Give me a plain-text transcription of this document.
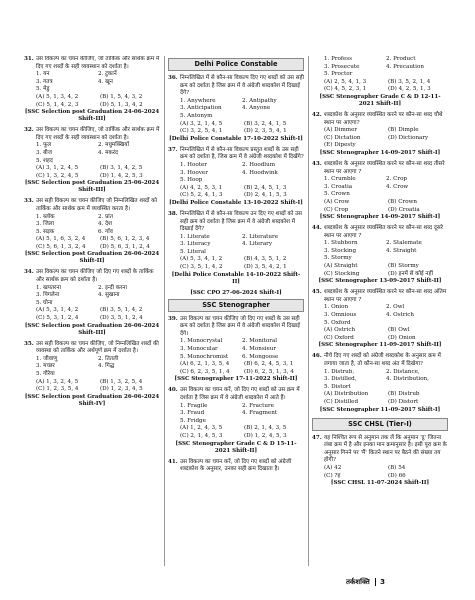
31. उस विकल्प का चयन कीजिए, जो तार्किक और सार्थक क्रम में दिए गए शब्दों के सही व्यवस्थान को दर्शाता है।
1. यन	2. टुकानें
3. गतत्र	4. खून
5. मेडु
(A) 5, 1, 3, 4, 2	(B) 1, 5, 4, 3, 2
(C) 5, 1, 4, 2, 3	(D) 5, 1, 3, 4, 2
[SSC Selection post Graduation 24-06-2024 Shift-III]
32. उस विकल्प का चयन कीजिए, जो तार्किक और सार्थक क्रम में दिए गए शब्दों के सही व्यवस्थान को दर्शाता है।
1. फूल	2. मधुमक्खियाँ
3. बीज	4. मकरंद
5. शहद
(A) 3, 1, 2, 4, 5	(B) 3, 1, 4, 2, 5
(C) 1, 3, 2, 4, 5	(D) 1, 4, 2, 5, 3
[SSC Selection post Graduation 25-06-2024 Shift-III]
33. उस सही विकल्प का चयन कीजिए जो निम्नलिखित शब्दों को तार्किक और सार्थक क्रम में व्यवस्थित करता है।
1. ब्लॉक	2. प्रांत
3. जिला	4. देश
5. सड़क	6. गाँव
(A) 5, 1, 6, 3, 2, 4	(B) 5, 6, 1, 2, 3, 4
(C) 5, 6, 1, 3, 2, 4	(D) 5, 6, 3, 1, 2, 4
[SSC Selection post Graduation 26-06-2024 Shift-II]
34. उस विकल्प का चयन कीजिए जो दिए गए शब्दों के तार्किक और सार्थक क्रम को दर्शाता है।
1. खपतरना	2. इन्दी करना
3. पिगलेना	4. सुखाना
5. घोना
(A) 5, 3, 1, 4, 2	(B) 3, 5, 1, 4, 2
(C) 5, 3, 1, 2, 4	(D) 3, 5, 1, 2, 4
[SSC Selection post Graduation 26-06-2024 Shift-III]
35. उस सही विकल्प का चयन कीजिए, जो निम्नलिखित शब्दों की व्यवस्था को तार्किक और अर्थपूर्ण क्रम में दर्शाता है।
1. जीवाणु	2. तितली
3. मच्छर	4. गिद्ध
5. गौरेया
(A) 1, 3, 2, 4, 5	(B) 1, 3, 2, 5, 4
(C) 1, 2, 3, 5, 4	(D) 1, 2, 3, 4, 5
[SSC Selection post Graduation 26-06-2024 Shift-IV]
Delhi Police Constable
36. निम्नलिखित में से कौन-सा विकल्प दिए गए शब्दों को उस सही क्रम को दर्शाता है जिस क्रम में वे अंग्रेजी शब्दकोश में दिखाई देंगे?
1. Anywhere	2. Antipathy
3. Anticipation	4. Anyone
5. Antonym
(A) 3, 2, 1, 4, 5	(B) 3, 2, 4, 1, 5
(C) 3, 2, 5, 4, 1	(D) 2, 3, 5, 4, 1
[Delhi Police Constable 17-10-2022 Shift-I]
37. निम्नलिखित में से कौन-सा विकल्प प्रस्तुत शब्दों के उस सही क्रम को दर्शाता है, जिस क्रम में वे अंग्रेजी शब्दकोश में दिखेंगे?
1. Hooter	2. Hoodlum
3. Hoover	4. Hoodwink
5. Hoop
(A) 4, 2, 5, 3, 1	(B) 2, 4, 5, 1, 3
(C) 5, 2, 4, 1, 3	(D) 2, 4, 1, 5, 3
[Delhi Police Constable 13-10-2022 Shift-I]
38. निम्नलिखित में से कौन-सा विकल्प उन दिए गए शब्दों को उस सही क्रम को दर्शाता है जिस क्रम में वे अंग्रेजी शब्दकोश में दिखाई देंगे?
1. Literate	2. Literature
3. Literacy	4. Literary
5. Literal
(A) 5, 3, 4, 1, 2	(B) 4, 3, 5, 1, 2
(C) 3, 5, 1, 4, 2	(D) 3, 5, 4, 2, 1
[Delhi Police Constable 14-10-2022 Shift-II]
[SSC CPO 27-06-2024 Shift-I]
SSC Stenographer
39. उस विकल्प का चयन कीजिए जो दिए गए शब्दों के उस सही क्रम को दर्शाता है जिस क्रम में वे अंग्रेजी शब्दकोश में दिखाई देंगे।
1. Monocrystal	2. Monitoral
3. Monocular	4. Monsieur
5. Monochromist	6. Mongoose
(A) 6, 2, 1, 3, 5, 4	(B) 6, 2, 4, 5, 3, 1
(C) 6, 2, 3, 5, 1, 4	(D) 6, 2, 5, 1, 3, 4
[SSC Stenographer 17-11-2022 Shift-II]
40. उस विकल्प का चयन करें, जो दिए गए शब्दों को उस क्रम में दर्शाता है जिस क्रम में वे अंग्रेजी शब्दकोश में आते हैं।
1. Fragile	2. Fracture
3. Fraud	4. Fragment
5. Fridge
(A) 1, 2, 4, 3, 5	(B) 2, 1, 4, 3, 5
(C) 2, 1, 4, 5, 3	(D) 1, 2, 4, 5, 3
[SSC Stenographer Grade C & D 15-11-2021 Shift-II]
41. उस विकल्प का चयन करें, जो दिए गए शब्दों को अंग्रेजी शब्दकोश के अनुसार, उनका सही क्रम दिखाता है।
1. Profess	2. Product
3. Prosecute	4. Precaution
5. Proctor
(A) 2, 5, 4, 1, 3	(B) 3, 5, 2, 1, 4
(C) 4, 5, 2, 3, 1	(D) 4, 2, 5, 1, 3
[SSC Stenographer Grade C & D 12-11-2021 Shift-II]
42. शब्दकोश के अनुसार व्यवस्थित करने पर कौन-सा शब्द चौथे स्थान पर आएगा?
(A) Dimmer	(B) Dimple
(C) Dictation	(D) Dictionary
(E) Dipesty
[SSC Stenographer 14-09-2017 Shift-I]
43. शब्दकोश के अनुसार व्यवस्थित करने पर कौन-सा शब्द तीसरे स्थान पर आएगा ?
1. Crumble	2. Crop
3. Croatia	4. Crow
5. Crown
(A) Crow	(B) Crown
(C) Crop	(D) Croatia
[SSC Stenographer 14-09-2017 Shift-I]
44. शब्दकोश के अनुसार व्यवस्थित करने पर कौन-सा शब्द दूसरे स्थान पर आएगा ?
1. Stubborn	2. Stalemate
3. Stocking	4. Straight
5. Stormy
(A) Straight	(B) Stormy
(C) Stocking	(D) इनमें से कोई नहीं
[SSC Stenographer 13-09-2017 Shift-II]
45. शब्दकोश के अनुसार व्यवस्थित करने पर कौन-सा शब्द अंतिम स्थान पर आएगा ?
1. Onion	2. Owl
3. Omnious	4. Ostrich
5. Oxford
(A) Ostrich	(B) Owl
(C) Oxford	(D) Onion
[SSC Stenographer 11-09-2017 Shift-II]
46. नीचे दिए गए शब्दों को अंग्रेजी शब्दकोश के अनुसार क्रम में लगाया जाता है, तो कौन-सा शब्द अंत में दिखेगा?
1. Distrub,	2. Distance,
3. Distilled,	4. Distribution,
5. Distort
(A) Distribution	(B) Distrub
(C) Distilled	(D) Distort
[SSC Stenographer 11-09-2017 Shift-I]
SSC CHSL (Tier-I)
47. यह निश्चित रूप से अनुमान तक लें कि अनुमान 'ट्ठ' जितना लंबा क्रम में है और इनका मान क्रमानुसार है। इसी पूरा क्रम के अनुसार गिनने पर 'मैं' कितने स्थान पर बैठने की संख्या तय होगी?
(A) 42	(B) 54
(C) ?ह	(D) 66
[SSC CHSL 11-07-2024 Shift-II]
तर्कशक्ति 3
